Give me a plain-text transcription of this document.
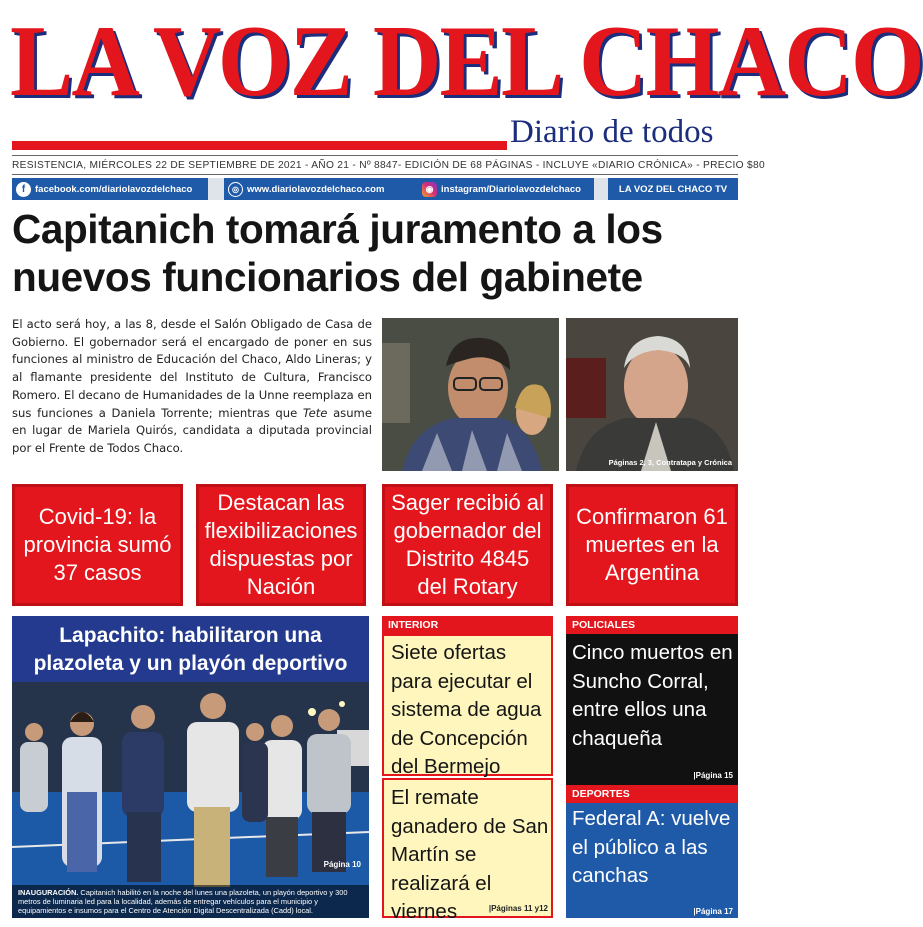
LA VOZ DEL CHACO
Diario de todos
RESISTENCIA, MIÉRCOLES 22 DE SEPTIEMBRE DE 2021 - AÑO 21 - Nº 8847- EDICIÓN DE 68 PÁGINAS - INCLUYE «DIARIO CRÓNICA» - PRECIO $80
f	facebook.com/diariolavozdelchaco	◎ www.diariolavozdelchaco.com	◉ instagram/Diariolavozdelchaco	LA VOZ DEL CHACO TV
Capitanich tomará juramento a los nuevos funcionarios del gabinete

El acto será hoy, a las 8, desde el Salón Obligado de Casa de Gobierno. El gobernador será el encargado de poner en sus funciones al ministro de Educación del Chaco, Aldo Lineras; y al flamante presidente del Instituto de Cultura, Francisco Romero. El decano de Humanidades de la Unne reemplaza en sus funciones a Daniela Torrente; mientras que Tete asume en lugar de Mariela Quirós, candidata a diputada provincial por el Frente de Todos Chaco.

Páginas 2, 3, Contratapa y Crónica
Covid-19: la provincia sumó 37 casos
Destacan las flexibilizaciones dispuestas por Nación
Sager recibió al gobernador del Distrito 4845 del Rotary
Confirmaron 61 muertes en la Argentina
Lapachito: habilitaron una plazoleta y un playón deportivo
Página 10
INAUGURACIÓN. Capitanich habilitó en la noche del lunes una plazoleta, un playón deportivo y 300 metros de luminaria led para la localidad, además de entregar vehículos para el municipio y equipamientos e insumos para el Centro de Atención Digital Descentralizada (Cadd) local.
INTERIOR
Siete ofertas para ejecutar el sistema de agua de Concepción del Bermejo
El remate ganadero de San Martín se realizará el viernes	|Páginas 11 y12
POLICIALES
Cinco muertos en Suncho Corral, entre ellos una chaqueña
|Página 15
DEPORTES
Federal A: vuelve el público a las canchas
|Página 17
